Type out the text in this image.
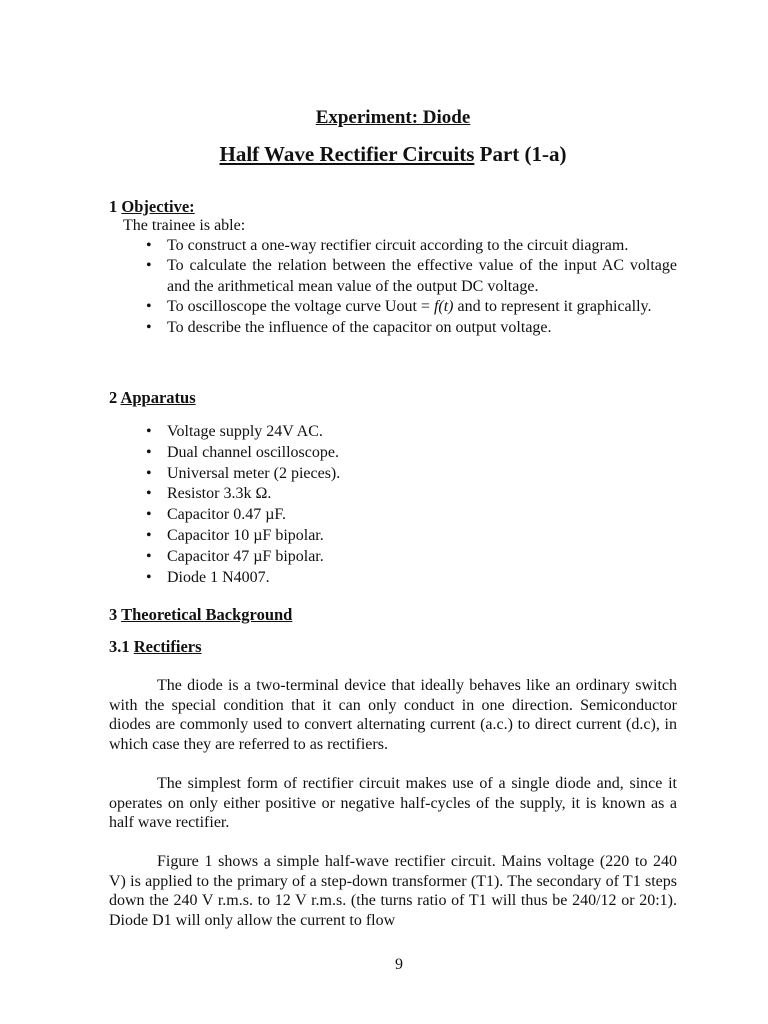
Experiment: Diode
Half Wave Rectifier Circuits Part (1-a)
1 Objective:
The trainee is able:
• To construct a one-way rectifier circuit according to the circuit diagram.
• To calculate the relation between the effective value of the input AC voltage and the arithmetical mean value of the output DC voltage.
• To oscilloscope the voltage curve Uout = f(t) and to represent it graphically.
• To describe the influence of the capacitor on output voltage.
2 Apparatus
• Voltage supply 24V AC.
• Dual channel oscilloscope.
• Universal meter (2 pieces).
• Resistor 3.3k Ω.
• Capacitor 0.47 µF.
• Capacitor 10 µF bipolar.
• Capacitor 47 µF bipolar.
• Diode 1 N4007.
3 Theoretical Background
3.1 Rectifiers

The diode is a two-terminal device that ideally behaves like an ordinary switch with the special condition that it can only conduct in one direction. Semiconductor diodes are commonly used to convert alternating current (a.c.) to direct current (d.c), in which case they are referred to as rectifiers.

The simplest form of rectifier circuit makes use of a single diode and, since it operates on only either positive or negative half-cycles of the supply, it is known as a half wave rectifier.

Figure 1 shows a simple half-wave rectifier circuit. Mains voltage (220 to 240 V) is applied to the primary of a step-down transformer (T1). The secondary of T1 steps down the 240 V r.m.s. to 12 V r.m.s. (the turns ratio of T1 will thus be 240/12 or 20:1). Diode D1 will only allow the current to flow

9
